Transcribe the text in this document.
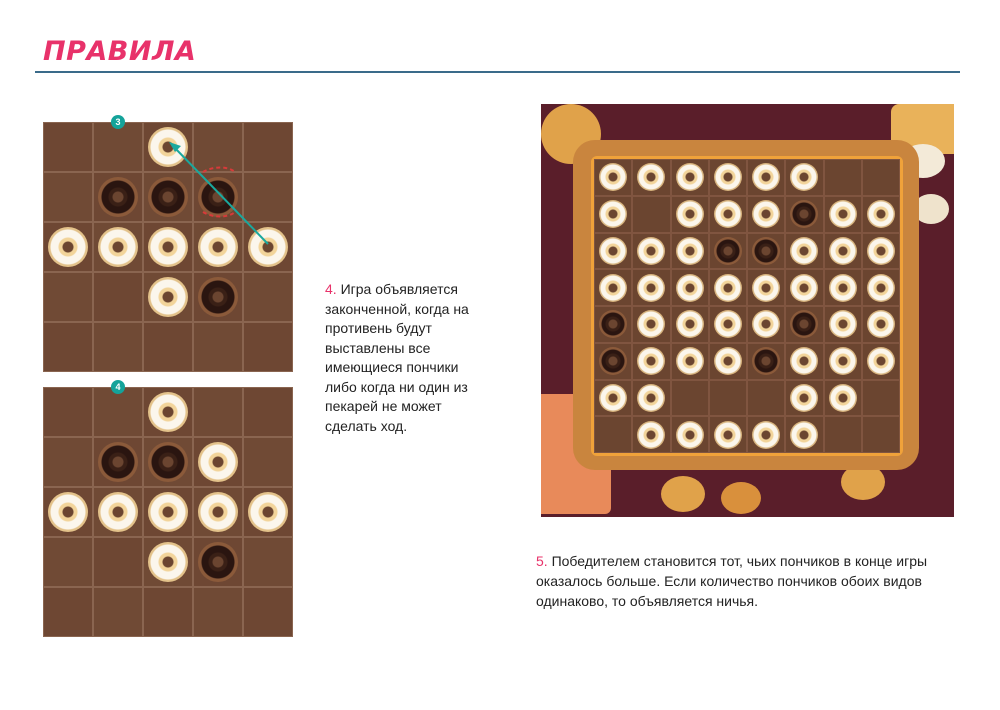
ПРАВИЛА
3
4
4. Игра объявляется законченной, когда на противень будут выставлены все имеющиеся пончики либо когда ни один из пекарей не может сделать ход.
5. Победителем становится тот, чьих пончиков в конце игры оказалось больше. Если количество пончиков обоих видов одинаково, то объявляется ничья.
